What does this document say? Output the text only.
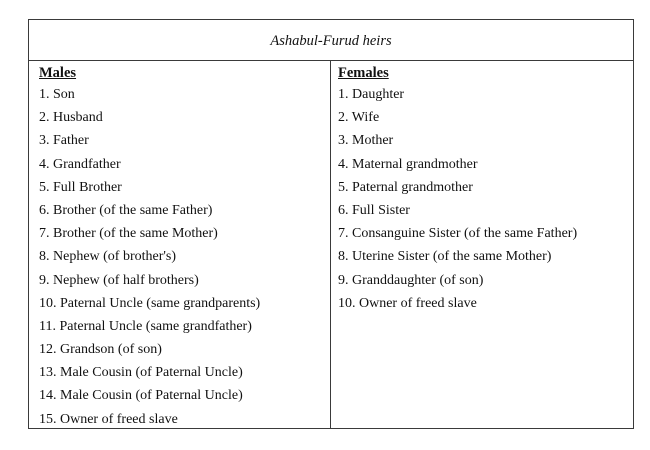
Ashabul-Furud heirs
Males
1. Son
2. Husband
3. Father
4. Grandfather
5. Full Brother
6. Brother (of the same Father)
7. Brother (of the same Mother)
8. Nephew (of brother's)
9. Nephew (of half brothers)
10. Paternal Uncle (same grandparents)
11. Paternal Uncle (same grandfather)
12. Grandson (of son)
13. Male Cousin (of Paternal Uncle)
14. Male Cousin (of Paternal Uncle)
15. Owner of freed slave
Females
1. Daughter
2. Wife
3. Mother
4. Maternal grandmother
5. Paternal grandmother
6. Full Sister
7. Consanguine Sister (of the same Father)
8. Uterine Sister (of the same Mother)
9. Granddaughter (of son)
10. Owner of freed slave
